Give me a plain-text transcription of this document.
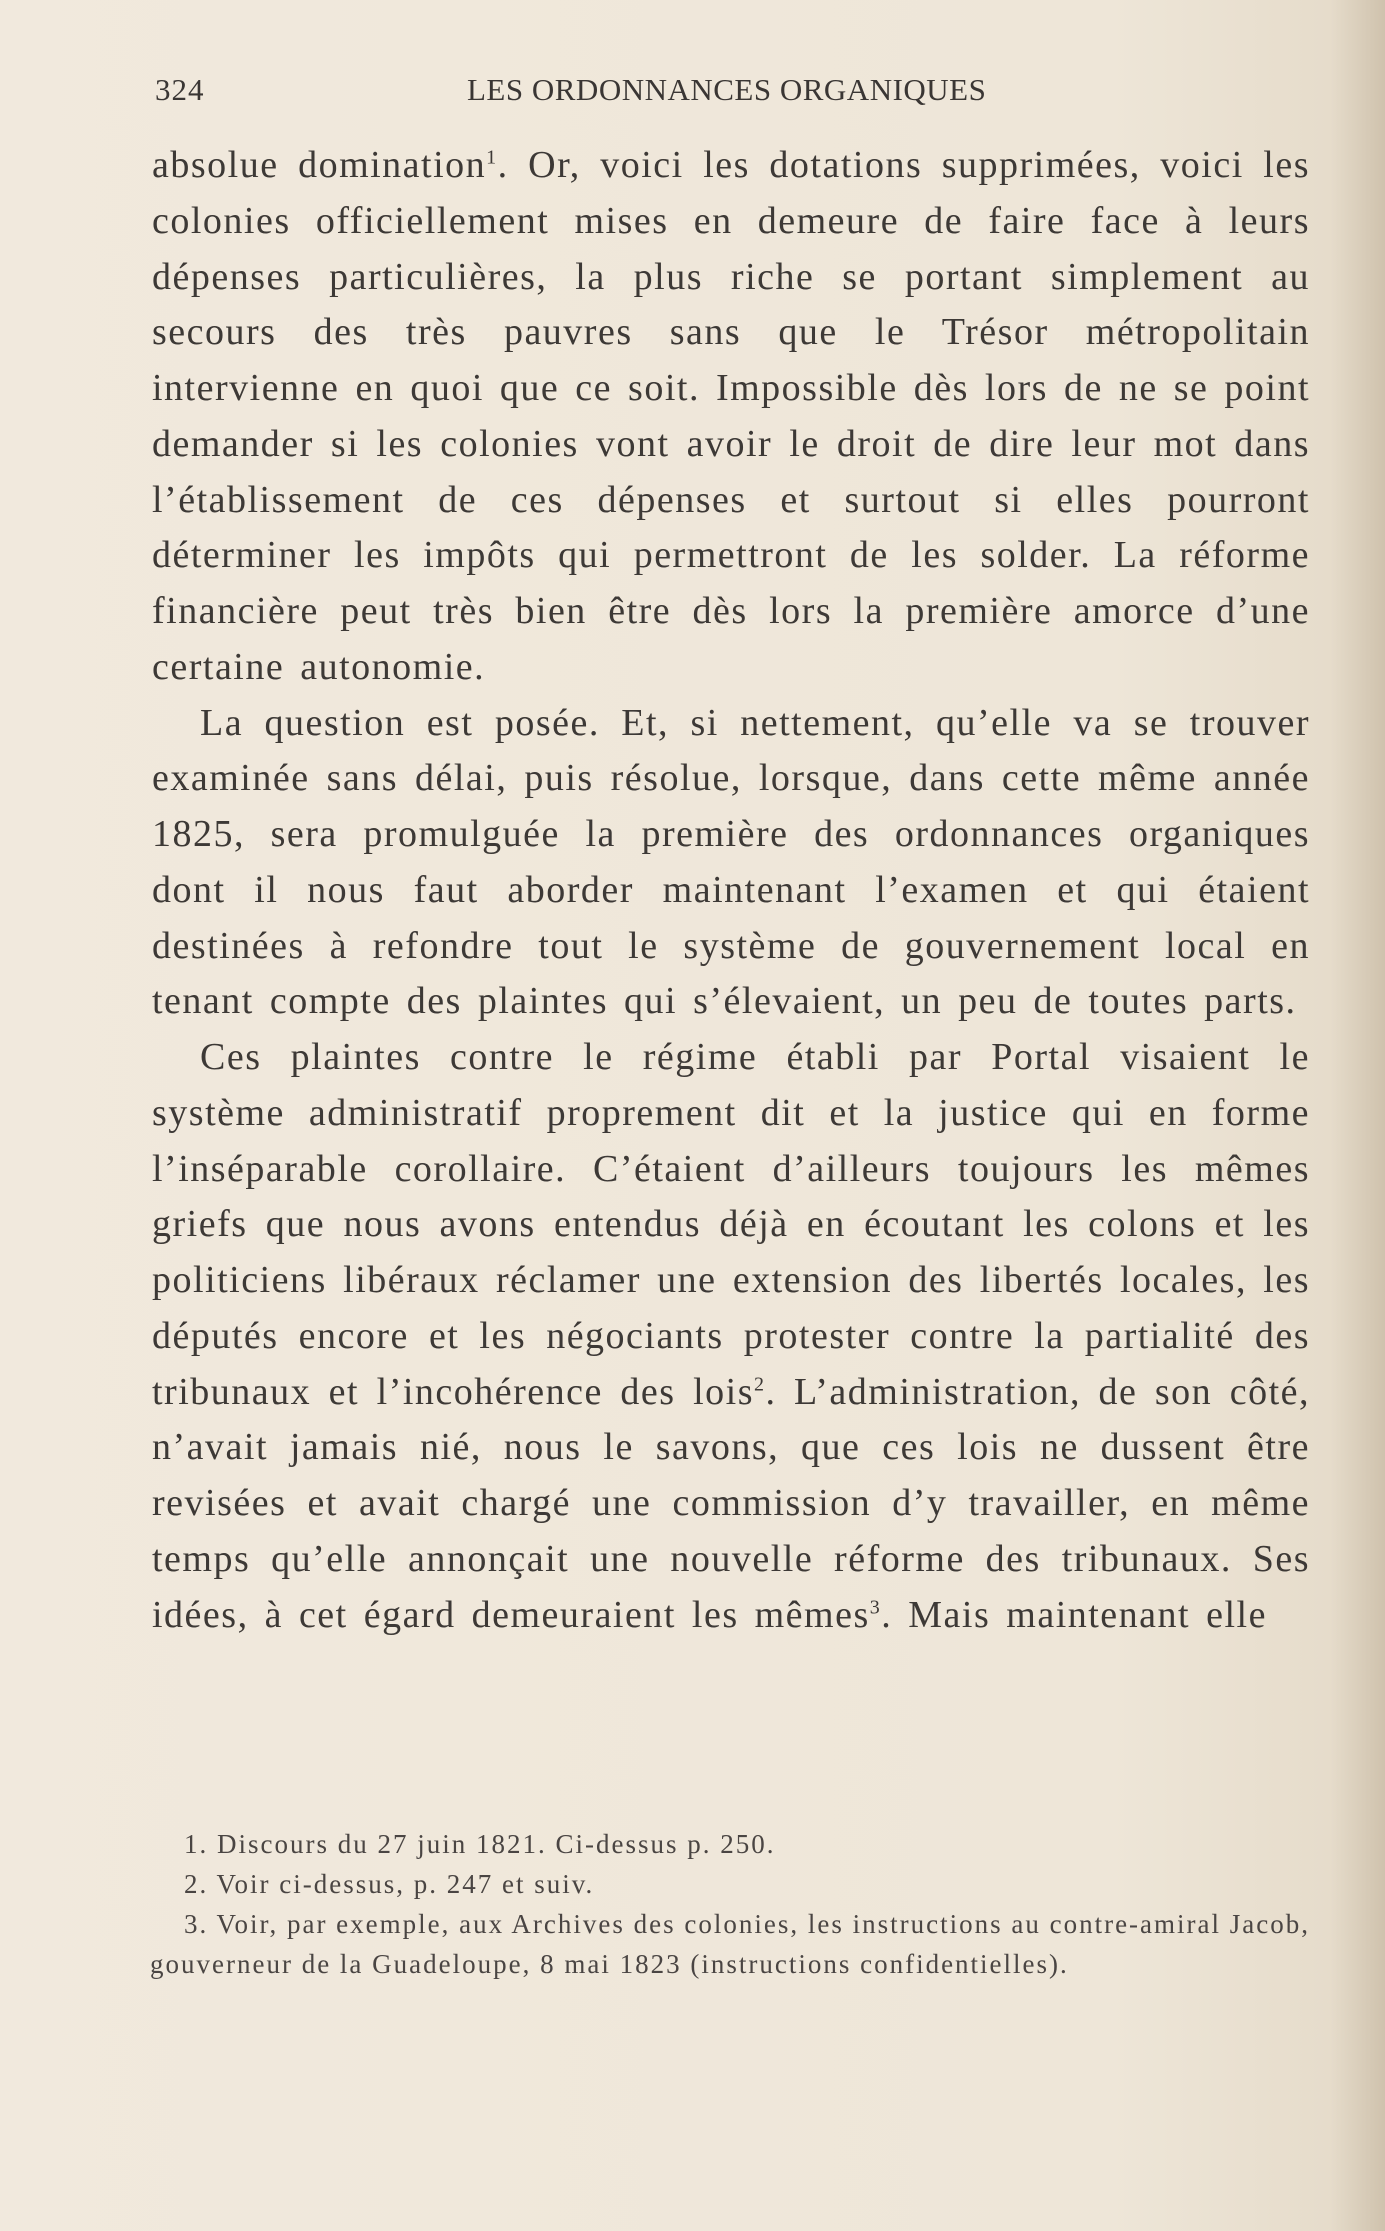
324	LES ORDONNANCES ORGANIQUES

absolue domination$^1$. Or, voici les dotations supprimées, voici les colonies officiellement mises en demeure de faire face à leurs dépenses particulières, la plus riche se portant simplement au secours des très pauvres sans que le Trésor métropolitain intervienne en quoi que ce soit. Impossible dès lors de ne se point demander si les colonies vont avoir le droit de dire leur mot dans l’établissement de ces dépenses et surtout si elles pourront déterminer les impôts qui permettront de les solder. La réforme financière peut très bien être dès lors la première amorce d’une certaine autonomie.

La question est posée. Et, si nettement, qu’elle va se trouver examinée sans délai, puis résolue, lorsque, dans cette même année 1825, sera promulguée la première des ordonnances organiques dont il nous faut aborder maintenant l’examen et qui étaient destinées à refondre tout le système de gouvernement local en tenant compte des plaintes qui s’élevaient, un peu de toutes parts.

Ces plaintes contre le régime établi par Portal visaient le système administratif proprement dit et la justice qui en forme l’inséparable corollaire. C’étaient d’ailleurs toujours les mêmes griefs que nous avons entendus déjà en écoutant les colons et les politiciens libéraux réclamer une extension des libertés locales, les députés encore et les négociants protester contre la partialité des tribunaux et l’incohérence des lois$^2$. L’administration, de son côté, n’avait jamais nié, nous le savons, que ces lois ne dussent être revisées et avait chargé une commission d’y travailler, en même temps qu’elle annonçait une nouvelle réforme des tribunaux. Ses idées, à cet égard demeuraient les mêmes$^3$. Mais maintenant elle

1. Discours du 27 juin 1821. Ci-dessus p. 250.

2. Voir ci-dessus, p. 247 et suiv.

3. Voir, par exemple, aux Archives des colonies, les instructions au contre-amiral Jacob, gouverneur de la Guadeloupe, 8 mai 1823 (instructions confidentielles).
